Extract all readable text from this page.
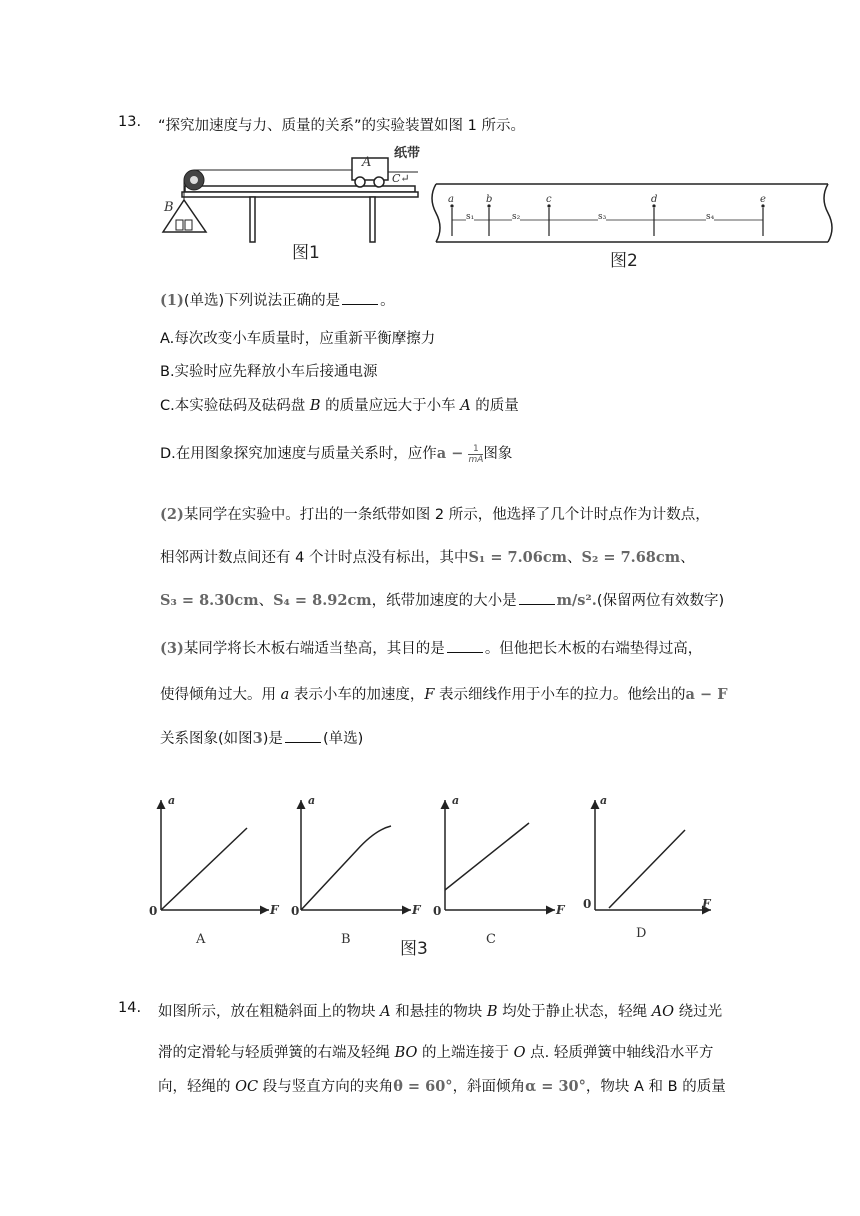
13. “探究加速度与力、质量的关系”的实验装置如图 1 所示。
A
B
C↵
纸带
图1
a	b	c	d	e
s₁	s₂	s₃	s₄
图2
(1)(单选)下列说法正确的是	。
A.每次改变小车质量时，应重新平衡摩擦力
B.实验时应先释放小车后接通电源
C.本实验砝码及砝码盘 B 的质量应远大于小车 A 的质量
D.在用图象探究加速度与质量关系时，应作$a - \frac{1}{mA}$ 图象
(2)某同学在实验中。打出的一条纸带如图 2 所示，他选择了几个计时点作为计数点，
相邻两计数点间还有 4 个计时点没有标出，其中S₁ = 7.06cm、S₂ = 7.68cm、
S₃ = 8.30cm、S₄ = 8.92cm，纸带加速度的大小是	m/s².(保留两位有效数字)
(3)某同学将长木板右端适当垫高，其目的是	。但他把长木板的右端垫得过高，
使得倾角过大。用 a 表示小车的加速度，F 表示细线作用于小车的拉力。他绘出的a − F
关系图象(如图3)是	(单选)
a
F
0
A
a
F
0
B
a
F
0
C
a
F
0
D
图3
14. 如图所示，放在粗糙斜面上的物块 A 和悬挂的物块 B 均处于静止状态，轻绳 AO 绕过光
滑的定滑轮与轻质弹簧的右端及轻绳 BO 的上端连接于 O 点. 轻质弹簧中轴线沿水平方
向，轻绳的 OC 段与竖直方向的夹角θ = 60°，斜面倾角α = 30°，物块 A 和 B 的质量
